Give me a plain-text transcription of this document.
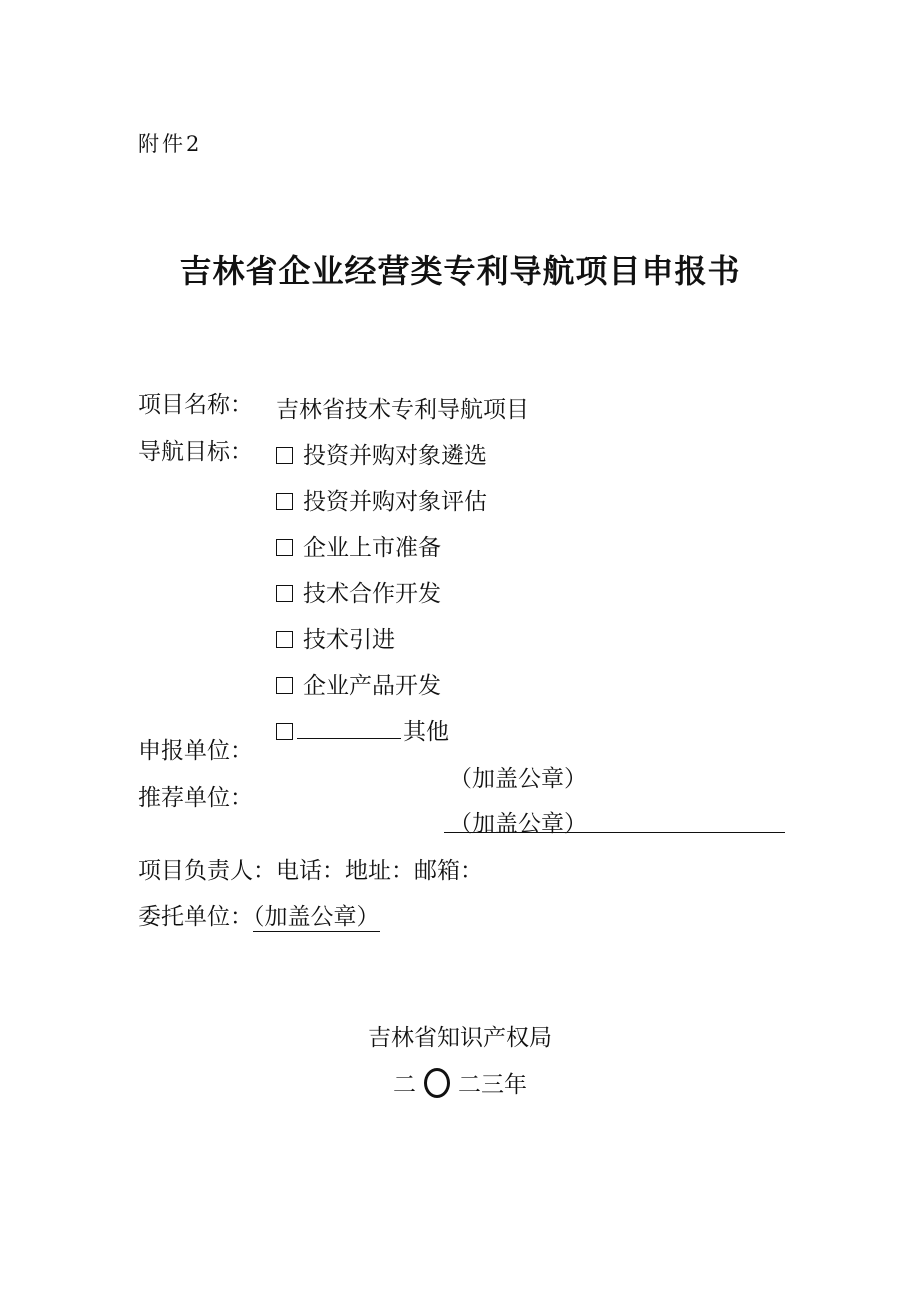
附件2
吉林省企业经营类专利导航项目申报书
项目名称： 吉林省技术专利导航项目
导航目标：	投资并购对象遴选
投资并购对象评估
企业上市准备
技术合作开发
技术引进
企业产品开发
其他
申报单位：
（加盖公章）
推荐单位：
（加盖公章）
项目负责人：电话：地址：邮箱：
委托单位：（加盖公章）
吉林省知识产权局
二 二三年
